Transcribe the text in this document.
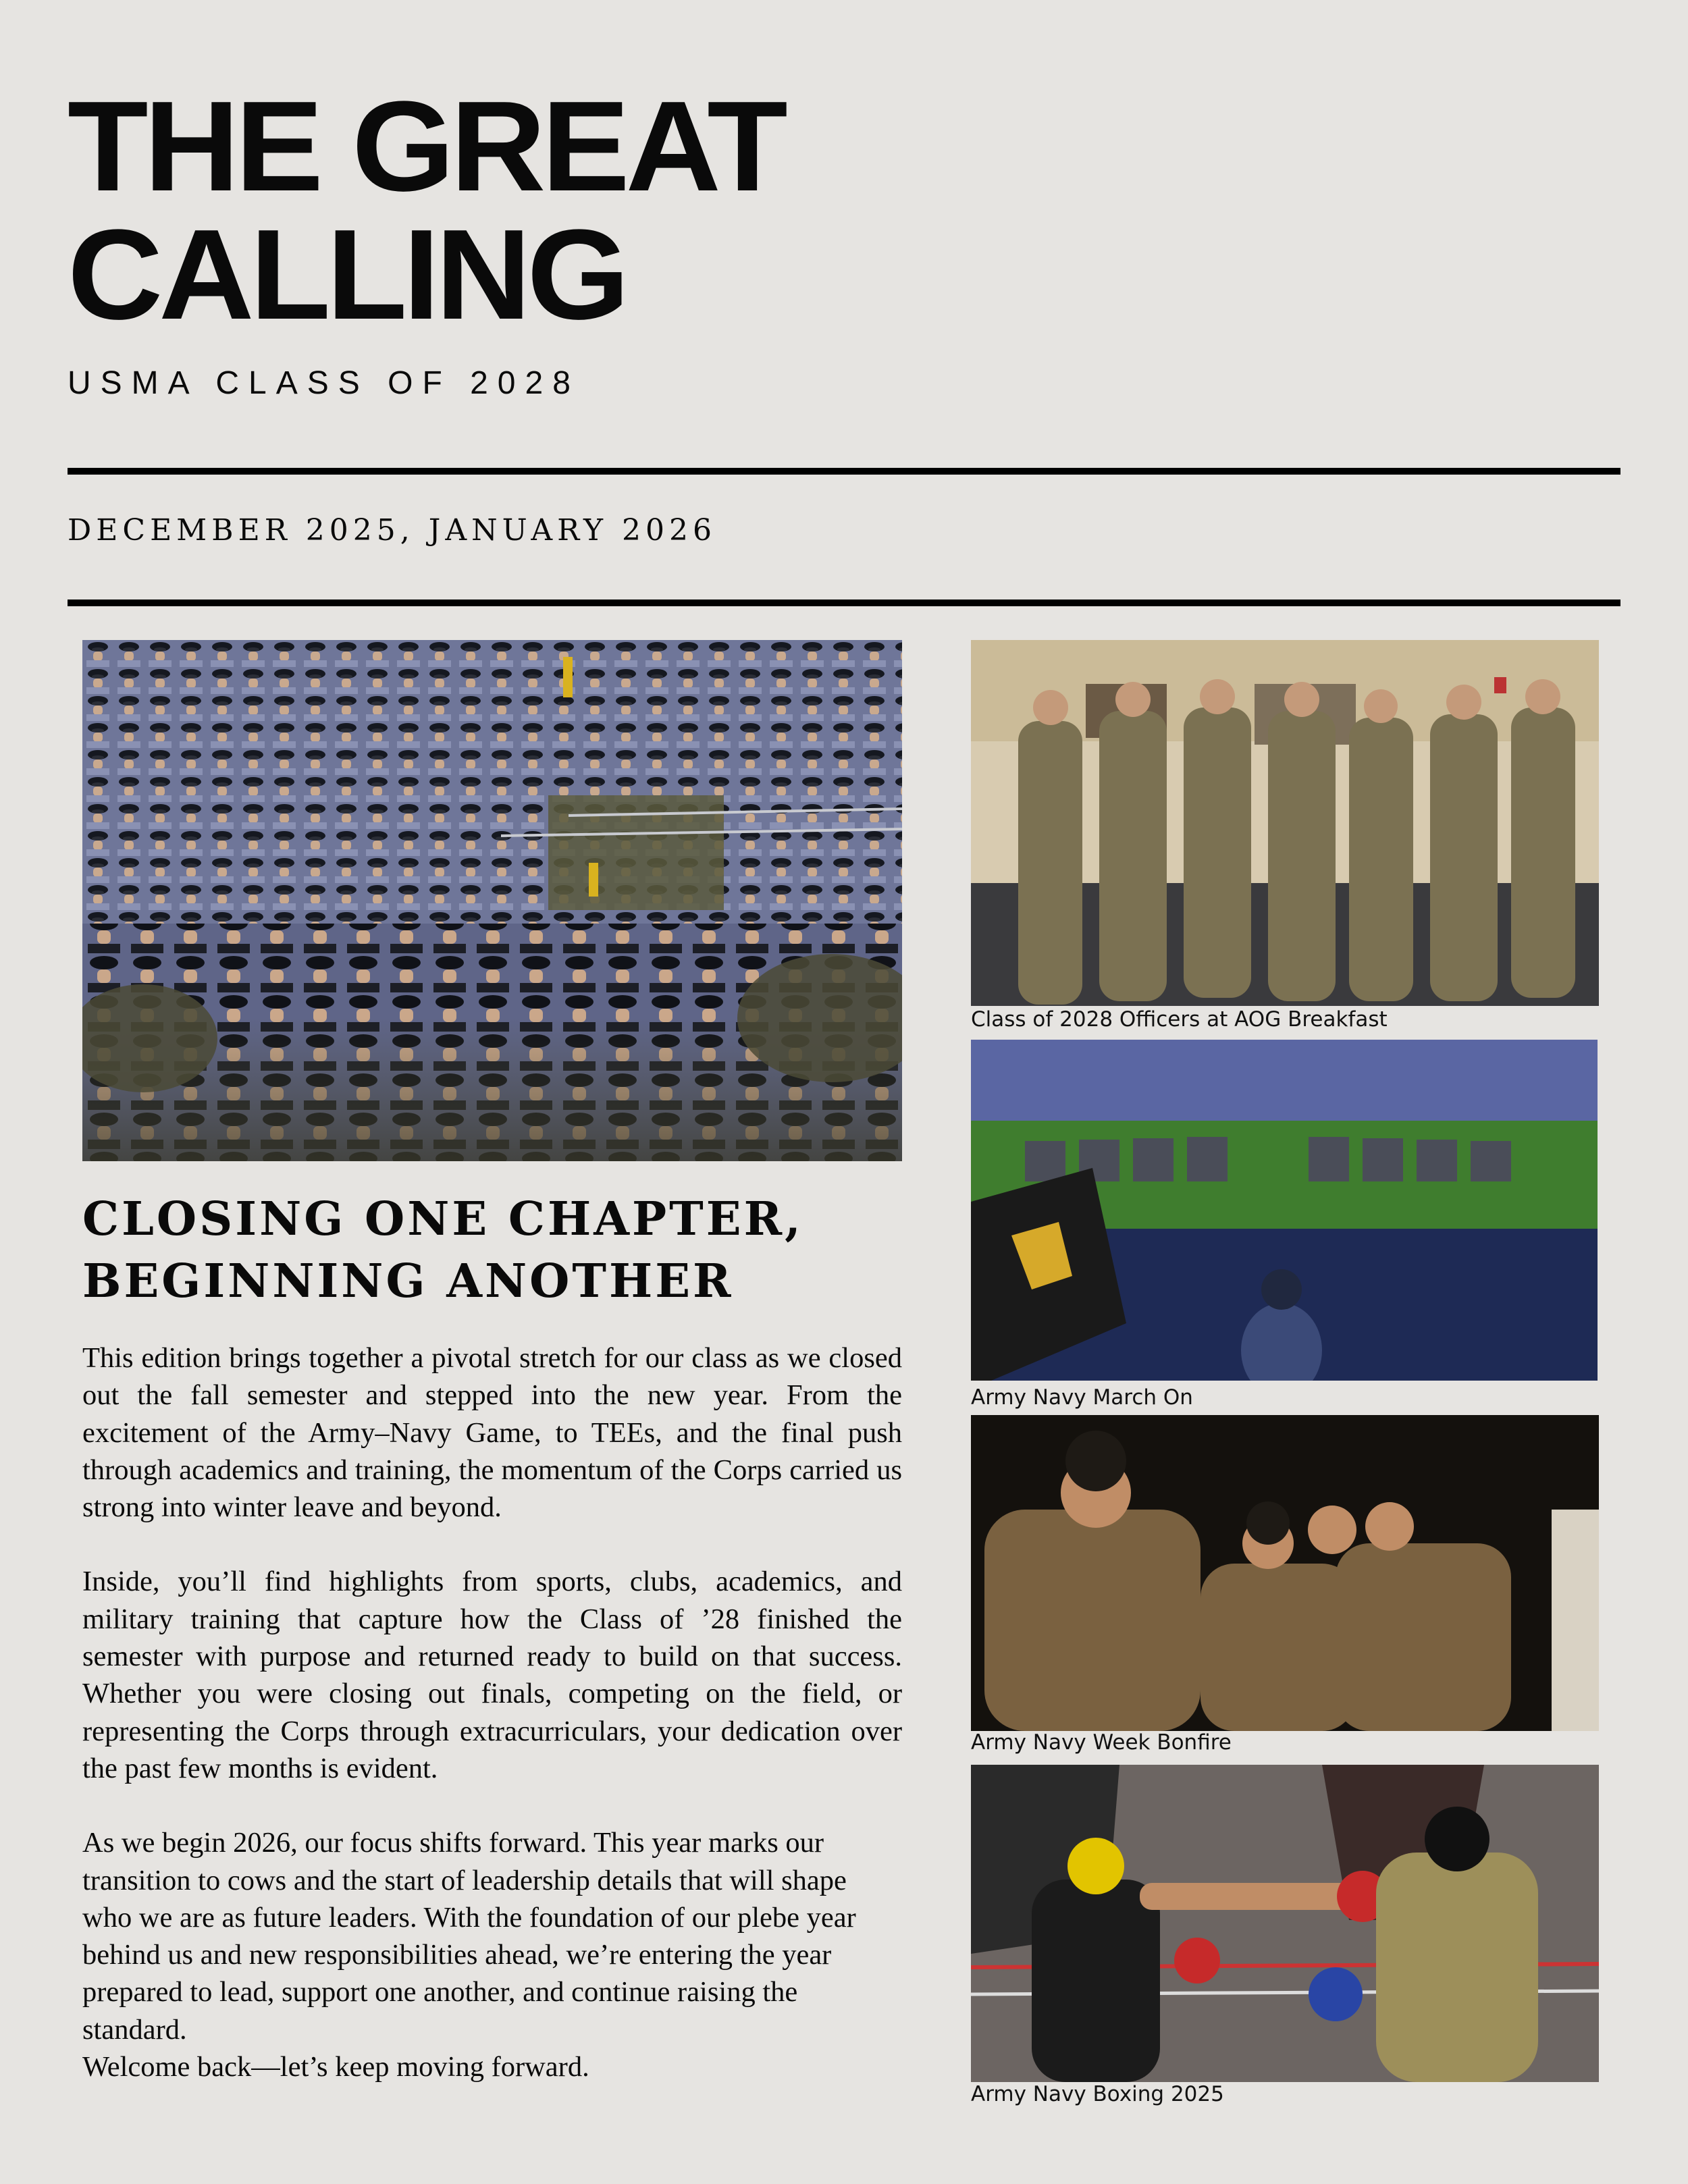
THE GREAT
CALLING
USMA CLASS OF 2028
DECEMBER 2025, JANUARY 2026
Class of 2028 Officers at AOG Breakfast
Army Navy March On
Army Navy Week Bonfire
Army Navy Boxing 2025
CLOSING ONE CHAPTER,
BEGINNING ANOTHER

This edition brings together a pivotal stretch for our class as we closed out the fall semester and stepped into the new year. From the excitement of the Army–Navy Game, to TEEs, and the final push through academics and training, the momentum of the Corps carried us strong into winter leave and beyond.

Inside, you’ll find highlights from sports, clubs, academics, and military training that capture how the Class of ’28 finished the semester with purpose and returned ready to build on that success. Whether you were closing out finals, competing on the field, or representing the Corps through extracurriculars, your dedication over the past few months is evident.

As we begin 2026, our focus shifts forward. This year marks our transition to cows and the start of leadership details that will shape who we are as future leaders. With the foundation of our plebe year behind us and new responsibilities ahead, we’re entering the year prepared to lead, support one another, and continue raising the standard.

Welcome back—let’s keep moving forward.
